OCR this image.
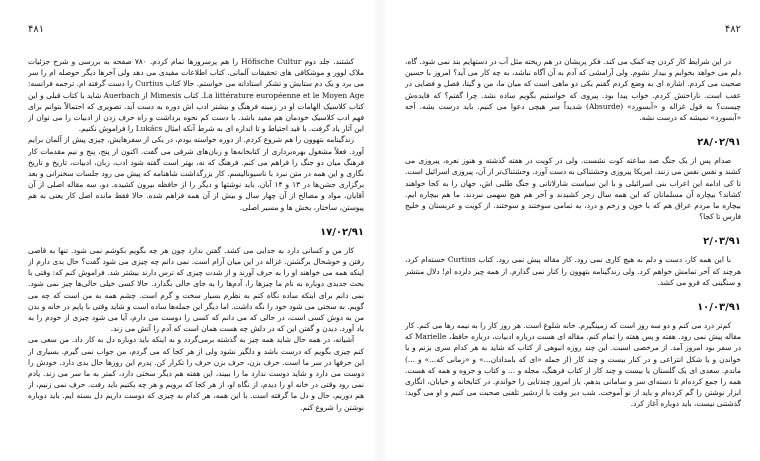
۴۸۱

کشتند. جلد دوم Höfische Cultur را هم پرسروزها تمام کردم. ۷۸۰ صفحه به بررسی و شرح جزئیات ملاک لوور و موشکافی های تحقیقات آلمانی. کتاب اطلاعات مفیدی می دهد ولی آخرها دیگر حوصله ام را سر می برد و یک دم ستایش و تشکر استادانه می خواستم. حالا کتاب Curtius را دست گرفته ام. ترجمه فرانسه: La littérature européenne et le Moyen Age. کتاب Mimesis از Auerbach شاید یا کتاب قبلی و این کتاب کلاسیک الهامات او در زمینه فرهنگ و بیشتر ادب اش دوره به دست آید. تصویری که احتمالاً بتوانم برای فهم ادب کلاسیک خودمان هم مفید باشد. با دست کم نحوه برداشت و راه حرف زدن از ادبیات را می توان از این آثار یاد گرفت. با قید احتیاط و تا اندازه ای به شرط آنکه امثال Lukács را فراموش نکنیم.

زندگینامه بتهوون را هم شروع کردم. از دوره خواسته بودم، در یکی از سفرهایش. چیزی پیش از آلمان برایم آورد. فعلاً مشغول بهره‌برداری از کتابخانه‌ها و زبان‌های شرقی می گفت. اکنون از پنج، پنج و نیم مقدمات کار فرهنگ میان دو جنگ را فراهم می کنم. فرهنگ که نه، بهتر است گفته شود ادب، زبان، ادبیات، تاریخ و تاریخ نگاری و این همه در متن نبرد با ناسیونالیسم. کار بزرگداشت شاهنامه که پیش می رود جلسات سخنرانی و بعد برگزاری جشن‌ها در ۱۳ و ۱۴ آبان. باید نوشتها و دیگر را از حافظه بیرون کشیده. دو، سه مقاله اصلی از آن آقایان، مواد و مصالح از آن چهار سال و بیش از آن همه فراهم شده. حالا فقط مانده اصل کار یعنی به هم پیوستن، ساختار، بخش ها و مسیر اصلی.

۱۷/۰۲/۹۱

کار من و کسانی دارد به جدایی می کشد. گفتن ندارد چون هر چه بگویم بکوشم نمی شود. تنها به قاضی رفتن و خوشحال برگشتن. غزاله در این میان آرام است. نمی دانم چه چیزی می شود گفت؟ حال بدی دارم از اینکه همه می خواهند او را به حرف آورند و از شدت چیزی که ترس دارند بیشتر شد. فراموش کنم که: وقتی با بحث جدیدی دوباره به نام ما چیزها را، آدم‌ها را به جای خالی بگذارد. حالا کسی خیلی حالی‌ها چیز نمی شود. نمی دانم برای اینکه ساده نگاه کنم به نظرم بسیار سخت و گرم است. چشم همه به من است که چه می گویم. به سختی می شود خود را نگه داشت. اما دیگر این جمله‌ها ساده است و شاید وقتی با پایم در خانه و بدن من به دوش کسی است، در حالی که می دانم که کسی را دوست می دارم، آیا می شود چیزی از خودم را به یاد آورد. دیدن و گفتن این که در دلش چه هست همان است که آدم را آتش می زند.

آشیانه، در همه حال شاید همه چیز به گذشته برمی‌گردد و به اینکه باید دوباره دل به کار داد. من سعی می کنم چیزی بگویم که درست باشد و دلگیر نشود ولی از هر کجا که می گردم، من جواب نمی گیرم. بسیاری از این حرفها در سر ما است. حرف بزن، حرف بزن حرف را تکرار کن. پدرم این روزها حال بدی دارد. خودش را دوست می دارد و شاید دوست ندارد ما را ببیند، این هفته هم دیگر سختی دارد، کمتر به ما سر می زند. یادم نمی رود وقتی در خانه او را دیدم، از نگاه او، از هر کجا که برویم و هر چه بکنیم باید رفت. حرف نمی زنیم، از هم دوریم، حال و دل ما گرفته است. با این همه، هر کدام به چیزی که دوست داریم دل بسته ایم. باید دوباره نوشتن را شروع کنم.

۴۸۲

در این شرایط کار کردن چه کمک می کند. فکر پریشان در هم ریخته مثل آب در دستهایم بند نمی شود. گاه، دلم می خواهد بخوابم و بیدار نشوم. ولی آرامشی که آدم به آن آگاه نباشد، به چه کار می آید؟ امروز با حسین صحبت می کردم. اشاره ای به وضع کردم گفتم یکی دو ماهی است که میان ما، من و گیتا، فصل و فضایی در عقب است. ناراحتش کردم. خواب پیدا بود. پیروی که خواستیم بگویم ساده نشد. چرا گفتم؟ که فایده‌ش چیست؟ به قول غزاله و «آبسورد» (Absurde) شدیداً سر هیچی دعوا می کنیم. باید درست بشه. آخه «آبسورد» نمیشه که درست نشه.

۲۸/۰۲/۹۱

صدام پس از یک جنگ صد ساعته کوت نشست. ولی در کویت در هفته گذشته و هنوز نعره، پیروزی می کشند و نفس نفس می زنند. امریکا پیروزی وحشتناکی به دست آورد. وحشتناک‌تر از آن، پیروزی اسرائیل است. تا کی ادامه این اعراب بنی اسرائیلی و با این سیاست شارلاتانی و جنگ طلبی اش، جهان را به کجا خواهند کشاند؟ بیچاره آن مسلمانان که این همه سال زجر کشیدند و آخر هم هیچ سهمی نبردند. ما هم بیچاره ایم. بیچاره ما مردم عراق هم که با خون و زخم و درد، به تمامی سوختند و سوختند. از کویت و عربستان و خلیج فارس تا کجا؟

۲/۰۳/۹۱

با این همه کار، دست و دلم به هیچ کاری نمی رود. کار مقاله پیش نمی رود. کتاب Curtius خسته‌ام کرد، هرچند که آخر تمامش خواهم کرد. ولی زندگینامه بتهوون را کنار نمی گذارم. از همه چیز دلزده ام! دلال منتشر و سنگینی که فرو می کشد.

۱۰/۰۳/۹۱

کم‌تر درد می کنم و دو سه روز است که زمینگیرم. خانه شلوغ است. هر روز کار را به نیمه رها می کنم. کار مقاله پیش نمی رود. هفته و پس هفته را تمام کنم. مقاله ای هست درباره ادبیات، درباره حافظ، Marielle که در سفر بود امروز آمد. از مرخصی اسبت. این چند روزه انبوهی از کتاب که شاید به هر کدام سری بزنم و یا خواندن و یا شکل انتزاعی و در کنار بیست و چند کار (از جمله «ای که بامدادان...» و «زمانی که...» و ...) ماندم. سعدی ای یک گلستان یا بیست و چند کار از کتاب فرهنگ، مجله و ... و کتاب و جزوه و همه که هست. همه را جمع کرده‌ام تا دسته‌ای سر و سامانی بدهم. باز امروز چندتایی را خواندم. در کتابخانه و خیابان، انگاری ابزار نوشتن را گم کرده‌ام و باید از نو آموخت. شب دیر وقت با اردشیر تلفنی صحبت می کنیم و او می گوید: گذشتنی نیست، باید دوباره آغاز کرد.
